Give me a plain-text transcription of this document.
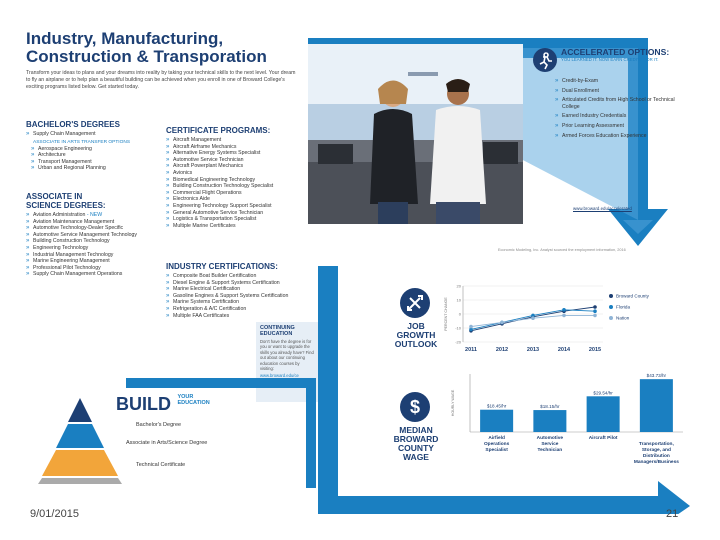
Industry, Manufacturing,
Construction & Transporation
Transform your ideas to plans and your dreams into reality by taking your technical skills to the next level. Your dream to fly an airplane or to help plan a beautiful building can be achieved when you enroll in one of Broward College's exciting programs listed below. Get started today.
ACCELERATED OPTIONS:
YOU LEARNED IT. NOW EARN CREDITS FOR IT.
» Credit-by-Exam
» Dual Enrollment
» Articulated Credits from High School or Technical College
» Earned Industry Credentials
» Prior Learning Assessment
» Armed Forces Education Experience
www.broward.edu/accelerated
BACHELOR'S DEGREES
» Supply Chain Management
ASSOCIATE IN ARTS TRANSFER OPTIONS
» Aerospace Engineering
» Architecture
» Transport Management
» Urban and Regional Planning
ASSOCIATE IN
SCIENCE DEGREES:
» Aviation Administration - NEW
» Aviation Maintenance Management
» Automotive Technology-Dealer Specific
» Automotive Service Management Technology
» Building Construction Technology
» Engineering Technology
» Industrial Management Technology
» Marine Engineering Management
» Professional Pilot Technology
» Supply Chain Management Operations
CERTIFICATE PROGRAMS:
» Aircraft Management
» Aircraft Airframe Mechanics
» Alternative Energy Systems Specialist
» Automotive Service Technician
» Aircraft Powerplant Mechanics
» Avionics
» Biomedical Engineering Technology
» Building Construction Technology Specialist
» Commercial Flight Operations
» Electronics Aide
» Engineering Technology Support Specialist
» General Automotive Service Technician
» Logistics & Transportation Specialist
» Multiple Marine Certificates
INDUSTRY CERTIFICATIONS:
» Composite Boat Builder Certification
» Diesel Engine & Support Systems Certification
» Marine Electrical Certification
» Gasoline Engines & Support Systems Certification
» Marine Systems Certification
» Refrigeration & A/C Certification
» Multiple FAA Certificates
Economic Modeling, Inc. Analyst sourced the employment information, 2016
JOB
GROWTH
OUTLOOK
PERCENT CHANGE
20
10
0
-10
-20
2011	2012	2013	2014	2015
Broward County
Florida
Nation
CONTINUING
EDUCATION
Don't have the degree is for you or want to upgrade the skills you already have? Find out about our continuing education courses by visiting:
www.broward.edu/ce
BUILD YOUR
EDUCATION
Bachelor's Degree
Associate in Arts/Science Degree
Technical Certificate
$
MEDIAN
BROWARD
COUNTY
WAGE
HOURLY WAGE	$18.45/hr
Airfield
Operations
Specialist
$18.15/hr
Automotive
Service
Technician
$29.54/hr
Aircraft Pilot
$43.73/hr
Transportation,
Storage, and
Distribution
Managers/Business
9/01/2015	21
